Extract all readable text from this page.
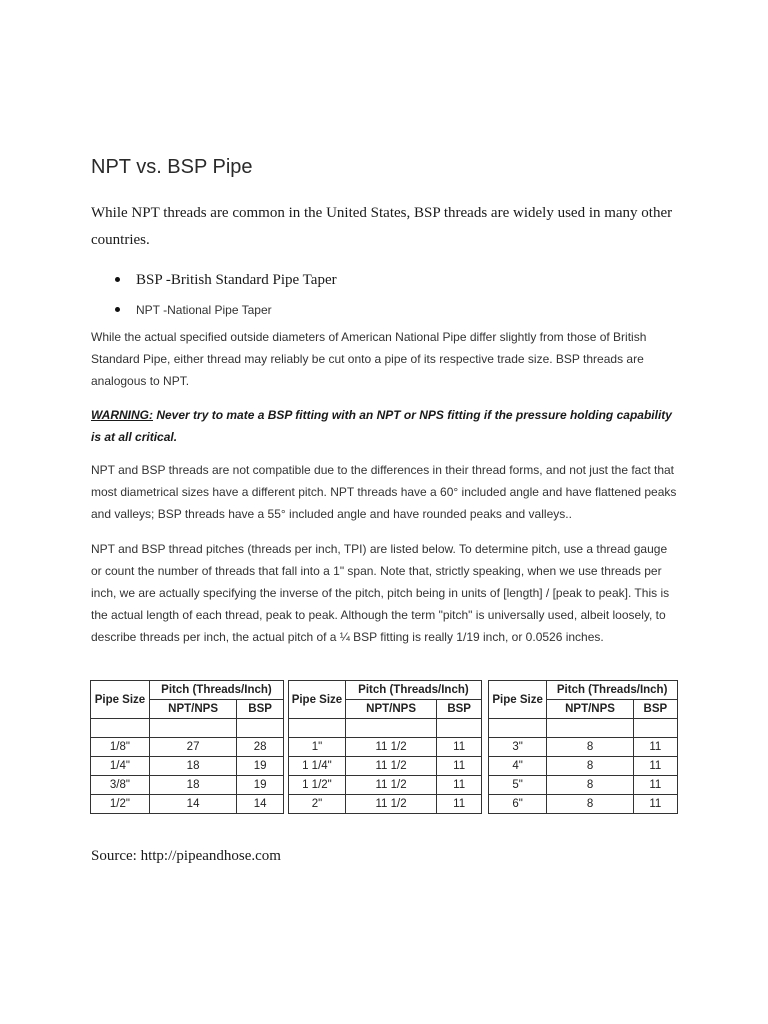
NPT vs. BSP Pipe

While NPT threads are common in the United States, BSP threads are widely used in many other countries.

BSP -British Standard Pipe Taper
NPT -National Pipe Taper

While the actual specified outside diameters of American National Pipe differ slightly from those of British Standard Pipe, either thread may reliably be cut onto a pipe of its respective trade size. BSP threads are analogous to NPT.

WARNING: Never try to mate a BSP fitting with an NPT or NPS fitting if the pressure holding capability is at all critical.

NPT and BSP threads are not compatible due to the differences in their thread forms, and not just the fact that most diametrical sizes have a different pitch. NPT threads have a 60° included angle and have flattened peaks and valleys; BSP threads have a 55° included angle and have rounded peaks and valleys..

NPT and BSP thread pitches (threads per inch, TPI) are listed below. To determine pitch, use a thread gauge or count the number of threads that fall into a 1" span. Note that, strictly speaking, when we use threads per inch, we are actually specifying the inverse of the pitch, pitch being in units of [length] / [peak to peak]. This is the actual length of each thread, peak to peak. Although the term "pitch" is universally used, albeit loosely, to describe threads per inch, the actual pitch of a ¼ BSP fitting is really 1/19 inch, or 0.0526 inches.

Pipe Size	Pitch (Threads/Inch)	
	NPT/NPS	BSP

1/8"	27	28
1/4"	18	19
3/8"	18	19
1/2"	14	14
Pipe Size	Pitch (Threads/Inch)	
	NPT/NPS	BSP

1"	11 1/2	11
1 1/4"	11 1/2	11
1 1/2"	11 1/2	11
2"	11 1/2	11
Pipe Size	Pitch (Threads/Inch)	
	NPT/NPS	BSP

3"	8	11
4"	8	11
5"	8	11
6"	8	11

Source: http://pipeandhose.com
